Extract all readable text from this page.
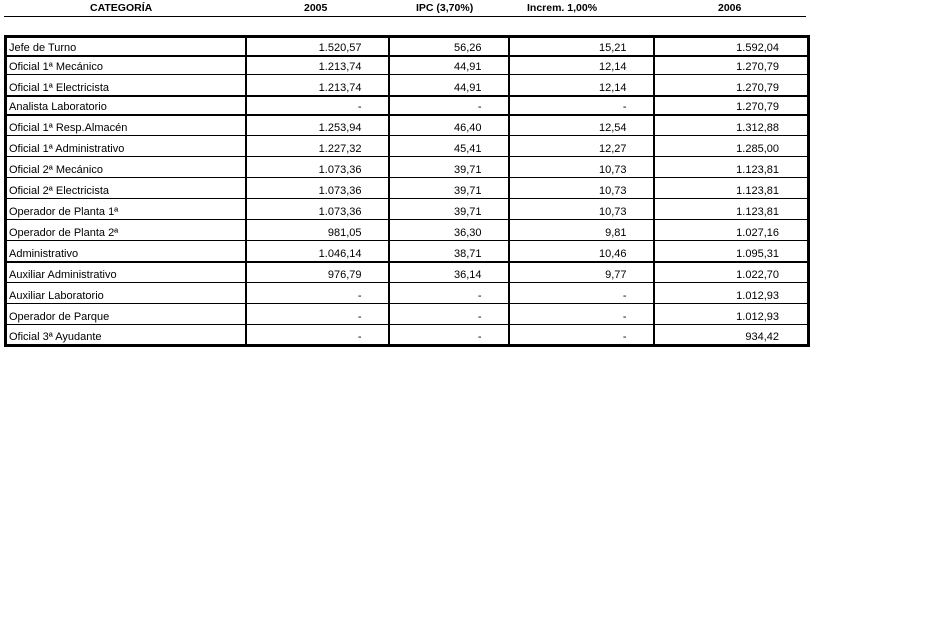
CATEGORÍA	2005	IPC (3,70%)	Increm. 1,00%	2006
Jefe de Turno	1.520,57	56,26	15,21	1.592,04
Oficial 1ª Mecánico	1.213,74	44,91	12,14	1.270,79
Oficial 1ª Electricista	1.213,74	44,91	12,14	1.270,79
Analista Laboratorio	-	-	-	1.270,79
Oficial 1ª Resp.Almacén	1.253,94	46,40	12,54	1.312,88
Oficial 1ª Administrativo	1.227,32	45,41	12,27	1.285,00
Oficial 2ª Mecánico	1.073,36	39,71	10,73	1.123,81
Oficial 2ª Electricista	1.073,36	39,71	10,73	1.123,81
Operador de Planta 1ª	1.073,36	39,71	10,73	1.123,81
Operador de Planta 2ª	981,05	36,30	9,81	1.027,16
Administrativo	1.046,14	38,71	10,46	1.095,31
Auxiliar Administrativo	976,79	36,14	9,77	1.022,70
Auxiliar Laboratorio	-	-	-	1.012,93
Operador de Parque	-	-	-	1.012,93
Oficial 3ª Ayudante	-	-	-	934,42
